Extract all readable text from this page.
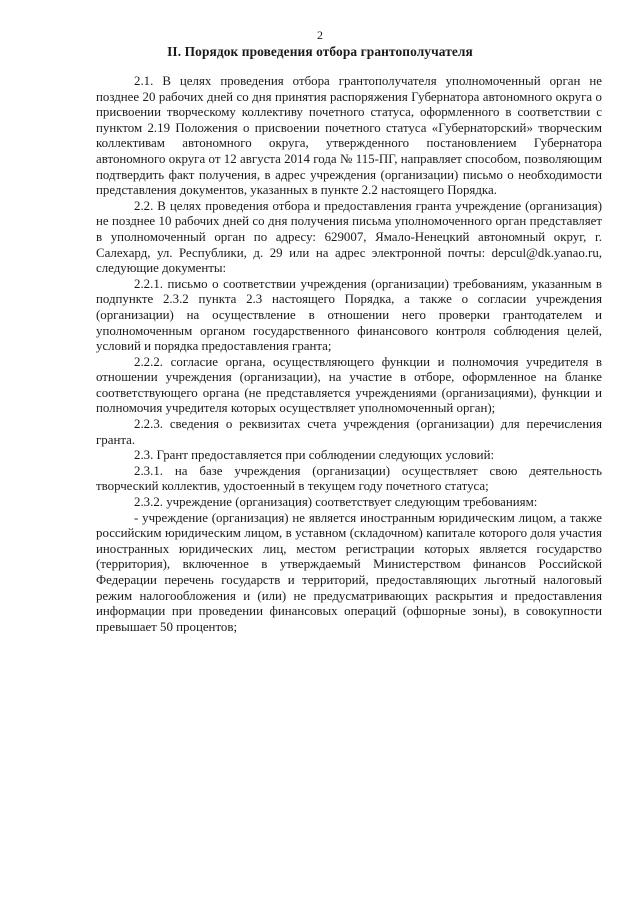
2
II. Порядок проведения отбора грантополучателя

2.1. В целях проведения отбора грантополучателя уполномоченный орган не позднее 20 рабочих дней со дня принятия распоряжения Губернатора автономного округа о присвоении творческому коллективу почетного статуса, оформленного в соответствии с пунктом 2.19 Положения о присвоении почетного статуса «Губернаторский» творческим коллективам автономного округа, утвержденного постановлением Губернатора автономного округа от 12 августа 2014 года № 115-ПГ, направляет способом, позволяющим подтвердить факт получения, в адрес учреждения (организации) письмо о необходимости представления документов, указанных в пункте 2.2 настоящего Порядка.

2.2. В целях проведения отбора и предоставления гранта учреждение (организация) не позднее 10 рабочих дней со дня получения письма уполномоченного орган представляет в уполномоченный орган по адресу: 629007, Ямало-Ненецкий автономный округ, г. Салехард, ул. Республики, д. 29 или на адрес электронной почты: depcul@dk.yanao.ru, следующие документы:

2.2.1. письмо о соответствии учреждения (организации) требованиям, указанным в подпункте 2.3.2 пункта 2.3 настоящего Порядка, а также о согласии учреждения (организации) на осуществление в отношении него проверки грантодателем и уполномоченным органом государственного финансового контроля соблюдения целей, условий и порядка предоставления гранта;

2.2.2. согласие органа, осуществляющего функции и полномочия учредителя в отношении учреждения (организации), на участие в отборе, оформленное на бланке соответствующего органа (не представляется учреждениями (организациями), функции и полномочия учредителя которых осуществляет уполномоченный орган);

2.2.3. сведения о реквизитах счета учреждения (организации) для перечисления гранта.

2.3. Грант предоставляется при соблюдении следующих условий:

2.3.1. на базе учреждения (организации) осуществляет свою деятельность творческий коллектив, удостоенный в текущем году почетного статуса;

2.3.2. учреждение (организация) соответствует следующим требованиям:

- учреждение (организация) не является иностранным юридическим лицом, а также российским юридическим лицом, в уставном (складочном) капитале которого доля участия иностранных юридических лиц, местом регистрации которых является государство (территория), включенное в утверждаемый Министерством финансов Российской Федерации перечень государств и территорий, предоставляющих льготный налоговый режим налогообложения и (или) не предусматривающих раскрытия и предоставления информации при проведении финансовых операций (офшорные зоны), в совокупности превышает 50 процентов;
